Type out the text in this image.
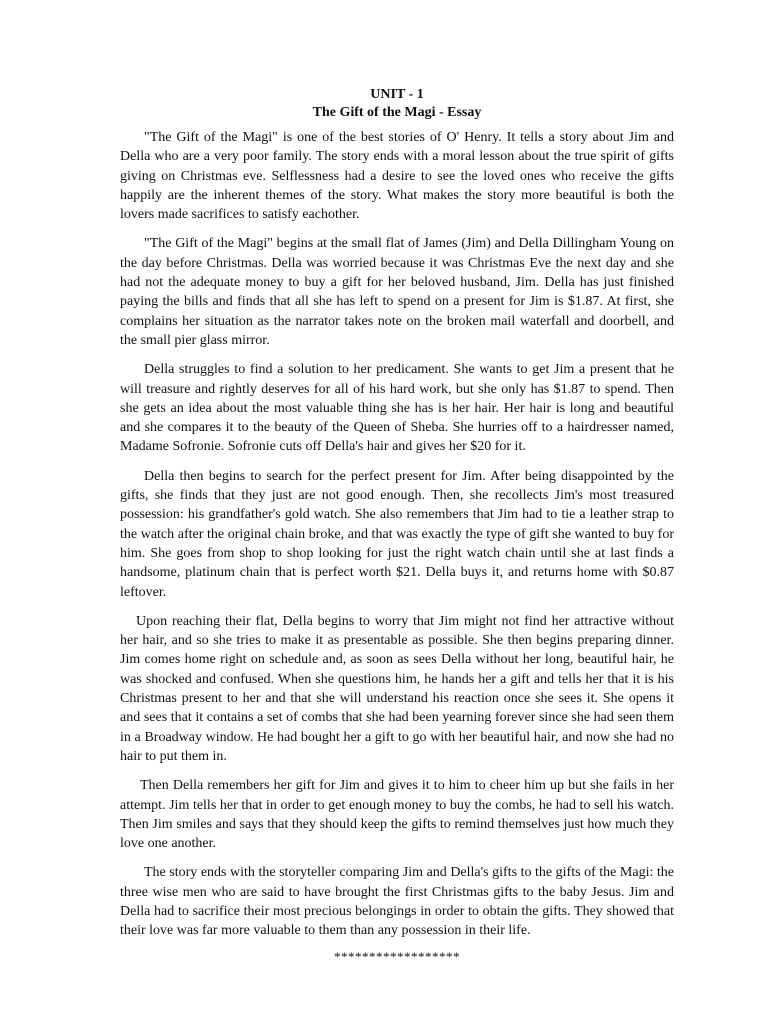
UNIT - 1

The Gift of the Magi - Essay

"The Gift of the Magi" is one of the best stories of O' Henry. It tells a story about Jim and Della who are a very poor family. The story ends with a moral lesson about the true spirit of gifts giving on Christmas eve. Selflessness had a desire to see the loved ones who receive the gifts happily are the inherent themes of the story. What makes the story more beautiful is both the lovers made sacrifices to satisfy eachother.

"The Gift of the Magi" begins at the small flat of James (Jim) and Della Dillingham Young on the day before Christmas. Della was worried because it was Christmas Eve the next day and she had not the adequate money to buy a gift for her beloved husband, Jim. Della has just finished paying the bills and finds that all she has left to spend on a present for Jim is $1.87. At first, she complains her situation as the narrator takes note on the broken mail waterfall and doorbell, and the small pier glass mirror.

Della struggles to find a solution to her predicament. She wants to get Jim a present that he will treasure and rightly deserves for all of his hard work, but she only has $1.87 to spend. Then she gets an idea about the most valuable thing she has is her hair. Her hair is long and beautiful and she compares it to the beauty of the Queen of Sheba. She hurries off to a hairdresser named, Madame Sofronie. Sofronie cuts off Della's hair and gives her $20 for it.

Della then begins to search for the perfect present for Jim. After being disappointed by the gifts, she finds that they just are not good enough. Then, she recollects Jim's most treasured possession: his grandfather's gold watch. She also remembers that Jim had to tie a leather strap to the watch after the original chain broke, and that was exactly the type of gift she wanted to buy for him. She goes from shop to shop looking for just the right watch chain until she at last finds a handsome, platinum chain that is perfect worth $21. Della buys it, and returns home with $0.87 leftover.

Upon reaching their flat, Della begins to worry that Jim might not find her attractive without her hair, and so she tries to make it as presentable as possible. She then begins preparing dinner. Jim comes home right on schedule and, as soon as sees Della without her long, beautiful hair, he was shocked and confused. When she questions him, he hands her a gift and tells her that it is his Christmas present to her and that she will understand his reaction once she sees it. She opens it and sees that it contains a set of combs that she had been yearning forever since she had seen them in a Broadway window. He had bought her a gift to go with her beautiful hair, and now she had no hair to put them in.

Then Della remembers her gift for Jim and gives it to him to cheer him up but she fails in her attempt. Jim tells her that in order to get enough money to buy the combs, he had to sell his watch. Then Jim smiles and says that they should keep the gifts to remind themselves just how much they love one another.

The story ends with the storyteller comparing Jim and Della's gifts to the gifts of the Magi: the three wise men who are said to have brought the first Christmas gifts to the baby Jesus. Jim and Della had to sacrifice their most precious belongings in order to obtain the gifts. They showed that their love was far more valuable to them than any possession in their life.

******************
